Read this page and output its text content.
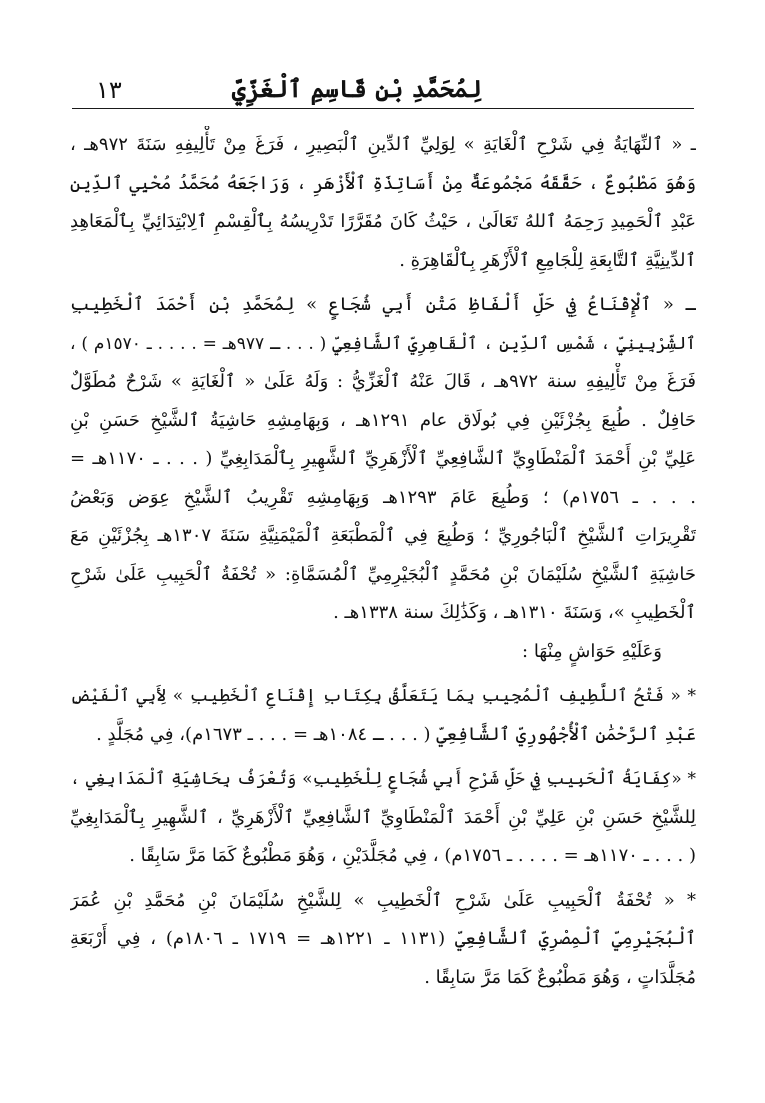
١٣	لِمُحَمَّدِ بْنِ قَاسِمِ ٱلْغَزِّيِّ
ـ « ٱلنِّهَايَةُ فِي شَرْحِ ٱلْغَايَةِ » لِوَلِيِّ ٱلدِّينِ ٱلْبَصِيرِ ، فَرَغَ مِنْ تَأْلِيفِهِ سَنَةَ ٩٧٢هـ ،
وَهُوَ مَطْبُوعٌ ، حَقَّقَهُ مَجْمُوعَةٌ مِنْ أَسَاتِذَةِ ٱلْأَزْهَرِ ، وَرَاجَعَهُ مُحَمَّدُ مُحْيِي ٱلدِّينِ
عَبْدِ ٱلْحَمِيدِ رَحِمَهُ ٱللهُ تَعَالَىٰ ، حَيْثُ كَانَ مُقَرَّرًا تَدْرِيسُهُ بِٱلْقِسْمِ ٱلِابْتِدَائِيِّ بِٱلْمَعَاهِدِ
ٱلدِّينِيَّةِ ٱلتَّابِعَةِ لِلْجَامِعِ ٱلْأَزْهَرِ بِٱلْقَاهِرَةِ .
ـ « ٱلْإِقْنَاعُ فِي حَلِّ أَلْفَاظِ مَتْنِ أَبِي شُجَاعٍ » لِمُحَمَّدِ بْنِ أَحْمَدَ ٱلْخَطِيبِ
ٱلشِّرْبِينِيِّ ، شَمْسِ ٱلدِّينِ ، ٱلْقَاهِرِيِّ ٱلشَّافِعِيِّ ( . . . ـ ٩٧٧هـ = . . . . ـ ١٥٧٠م ) ،
فَرَغَ مِنْ تَأْلِيفِهِ سنة ٩٧٢هـ ، قَالَ عَنْهُ ٱلْغَزِّيُّ : وَلَهُ عَلَىٰ « ٱلْغَايَةِ » شَرْحٌ مُطَوَّلٌ
حَافِلٌ . طُبِعَ بِجُزْئَيْنِ فِي بُولَاق عام ١٢٩١هـ ، وَبِهَامِشِهِ حَاشِيَةُ ٱلشَّيْخِ حَسَنِ بْنِ
عَلِيِّ بْنِ أَحْمَدَ ٱلْمَنْطَاوِيِّ ٱلشَّافِعِيِّ ٱلْأَزْهَرِيِّ ٱلشَّهِيرِ بِٱلْمَدَابِغِيِّ ( . . . ـ ١١٧٠هـ =
. . . ـ ١٧٥٦م) ؛ وَطُبِعَ عَامَ ١٢٩٣هـ وَبِهَامِشِهِ تَقْرِيبُ ٱلشَّيْخِ عِوَض وَبَعْضُ
تَقْرِيرَاتِ ٱلشَّيْخِ ٱلْبَاجُورِيِّ ؛ وَطُبِعَ فِي ٱلْمَطْبَعَةِ ٱلْمَيْمَنِيَّةِ سَنَةَ ١٣٠٧هـ بِجُزْئَيْنِ مَعَ
حَاشِيَةِ ٱلشَّيْخِ سُلَيْمَانَ بْنِ مُحَمَّدٍ ٱلْبُجَيْرِمِيِّ ٱلْمُسَمَّاةِ: « تُحْفَةُ ٱلْحَبِيبِ عَلَىٰ شَرْحِ
ٱلْخَطِيبِ »، وَسَنَةَ ١٣١٠هـ ، وَكَذَٰلِكَ سنة ١٣٣٨هـ .
وَعَلَيْهِ حَوَاشٍ مِنْهَا :
* « فَتْحُ ٱللَّطِيفِ ٱلْمُجِيبِ بِمَا يَتَعَلَّقُ بِكِتَابِ إِقْنَاعِ ٱلْخَطِيبِ » لِأَبِي ٱلْفَيْضِ
عَبْدِ ٱلرَّحْمَٰنِ ٱلْأُجْهُورِيِّ ٱلشَّافِعِيِّ ( . . . ـ ١٠٨٤هـ = . . . ـ ١٦٧٣م)، فِي مُجَلَّدٍ .
* «كِفَايَةُ ٱلْحَبِيبِ فِي حَلِّ شَرْحِ أَبِي شُجَاعٍ لِلْخَطِيبِ» وَتُعْرَفُ بِحَاشِيَةِ ٱلْمَدَابِغِي ،
لِلشَّيْخِ حَسَنِ بْنِ عَلِيِّ بْنِ أَحْمَدَ ٱلْمَنْطَاوِيِّ ٱلشَّافِعِيِّ ٱلْأَزْهَرِيِّ ، ٱلشَّهِيرِ بِٱلْمَدَابِغِيِّ
( . . . ـ ١١٧٠هـ = . . . . ـ ١٧٥٦م) ، فِي مُجَلَّدَيْنِ ، وَهُوَ مَطْبُوعٌ كَمَا مَرَّ سَابِقًا .
* « تُحْفَةُ ٱلْحَبِيبِ عَلَىٰ شَرْحِ ٱلْخَطِيبِ » لِلشَّيْخِ سُلَيْمَانَ بْنِ مُحَمَّدِ بْنِ عُمَرَ
ٱلْبُجَيْرِمِيِّ ٱلْمِصْرِيِّ ٱلشَّافِعِيِّ (١١٣١ ـ ١٢٢١هـ = ١٧١٩ ـ ١٨٠٦م) ، فِي أَرْبَعَةِ
مُجَلَّدَاتٍ ، وَهُوَ مَطْبُوعٌ كَمَا مَرَّ سَابِقًا .
